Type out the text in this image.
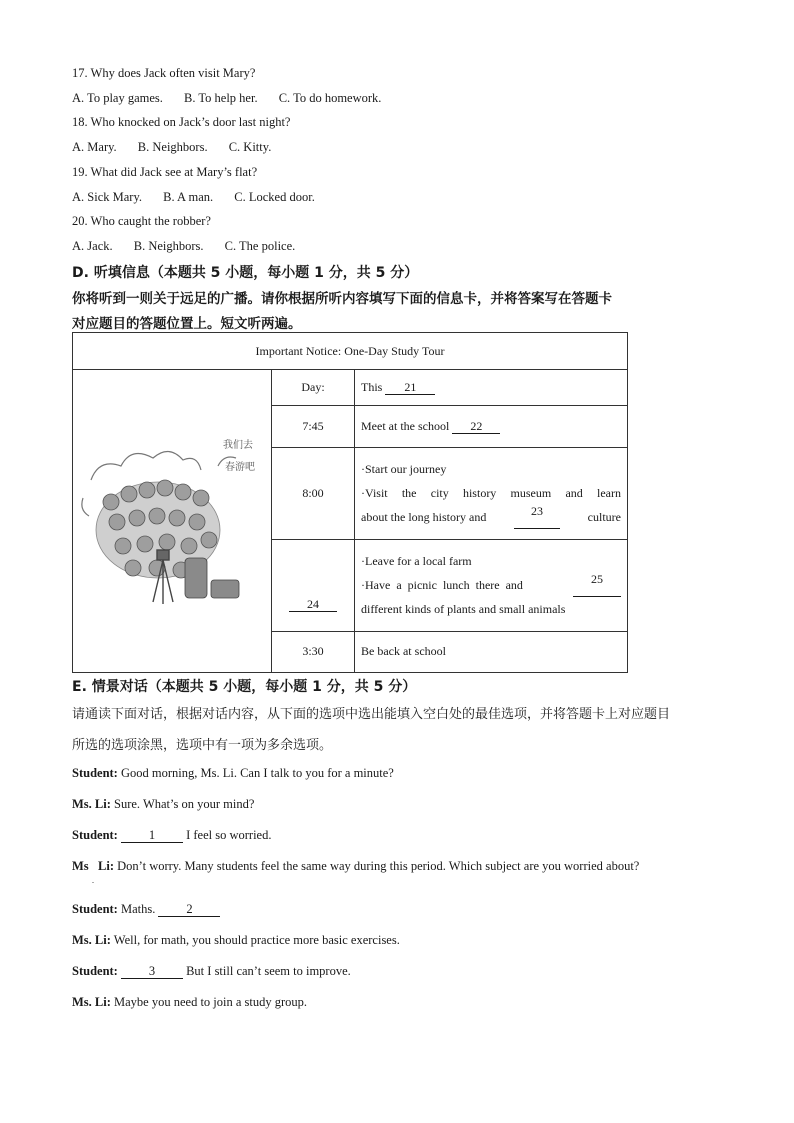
17. Why does Jack often visit Mary?
A. To play games. B. To help her. C. To do homework.
18. Who knocked on Jack’s door last night?
A. Mary. B. Neighbors. C. Kitty.
19. What did Jack see at Mary’s flat?
A. Sick Mary. B. A man. C. Locked door.
20. Who caught the robber?
A. Jack. B. Neighbors. C. The police.
D. 听填信息（本题共 5 小题，每小题 1 分，共 5 分）
你将听到一则关于远足的广播。请你根据所听内容填写下面的信息卡，并将答案写在答题卡
对应题目的答题位置上。短文听两遍。
Important Notice: One-Day Study Tour		

我们去
春游吧	Day:	This 21
	7:45	Meet at the school 22
	8:00	·Start our journey
·Visit the city history museum and learn
about the long history and 23 culture

	24	·Leave for a local farm
·Have  a  picnic  lunch  there  and 25
different kinds of plants and small animals

	3:30	Be back at school
E. 情景对话（本题共 5 小题，每小题 1 分，共 5 分）
请通读下面对话，根据对话内容，从下面的选项中选出能填入空白处的最佳选项，并将答题卡上对应题目
所选的选项涂黑，选项中有一项为多余选项。
Student: Good morning, Ms. Li. Can I talk to you for a minute?
Ms. Li: Sure. What’s on your mind?
Student: 1 I feel so worried.
Ms   Li: Don’t worry. Many students feel the same way during this period. Which subject are you worried about?
.
Student: Maths. 2
Ms. Li: Well, for math, you should practice more basic exercises.
Student: 3 But I still can’t seem to improve.
Ms. Li: Maybe you need to join a study group.
